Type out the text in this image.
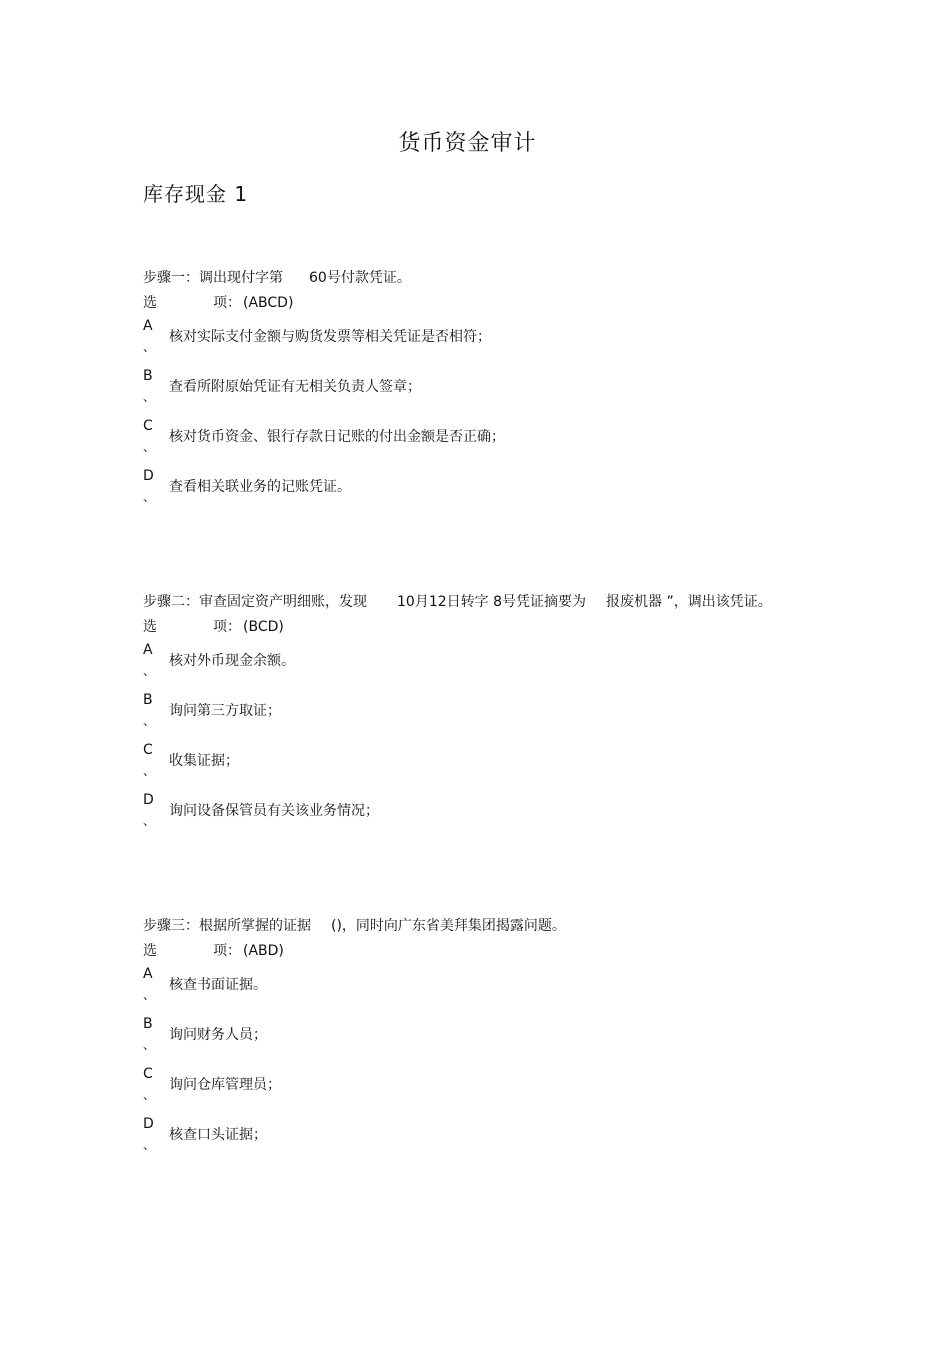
货币资金审计
库存现金 1
步骤一：调出现付字第 60号付款凭证。
选	项： (ABCD)
A
、
核对实际支付金额与购货发票等相关凭证是否相符；
B
、
查看所附原始凭证有无相关负责人签章；
C
、
核对货币资金、银行存款日记账的付出金额是否正确；
D
、
查看相关联业务的记账凭证。
步骤二：审查固定资产明细账，发现 10月12日转字 8号凭证摘要为 报废机器 ”，调出该凭证。
选	项： (BCD)
A
、
核对外币现金余额。
B
、
询问第三方取证；
C
、
收集证据；
D
、
询问设备保管员有关该业务情况；
步骤三：根据所掌握的证据 ()，同时向广东省美拜集团揭露问题。
选	项： (ABD)
A
、
核查书面证据。
B
、
询问财务人员；
C
、
询问仓库管理员；
D
、
核查口头证据；
